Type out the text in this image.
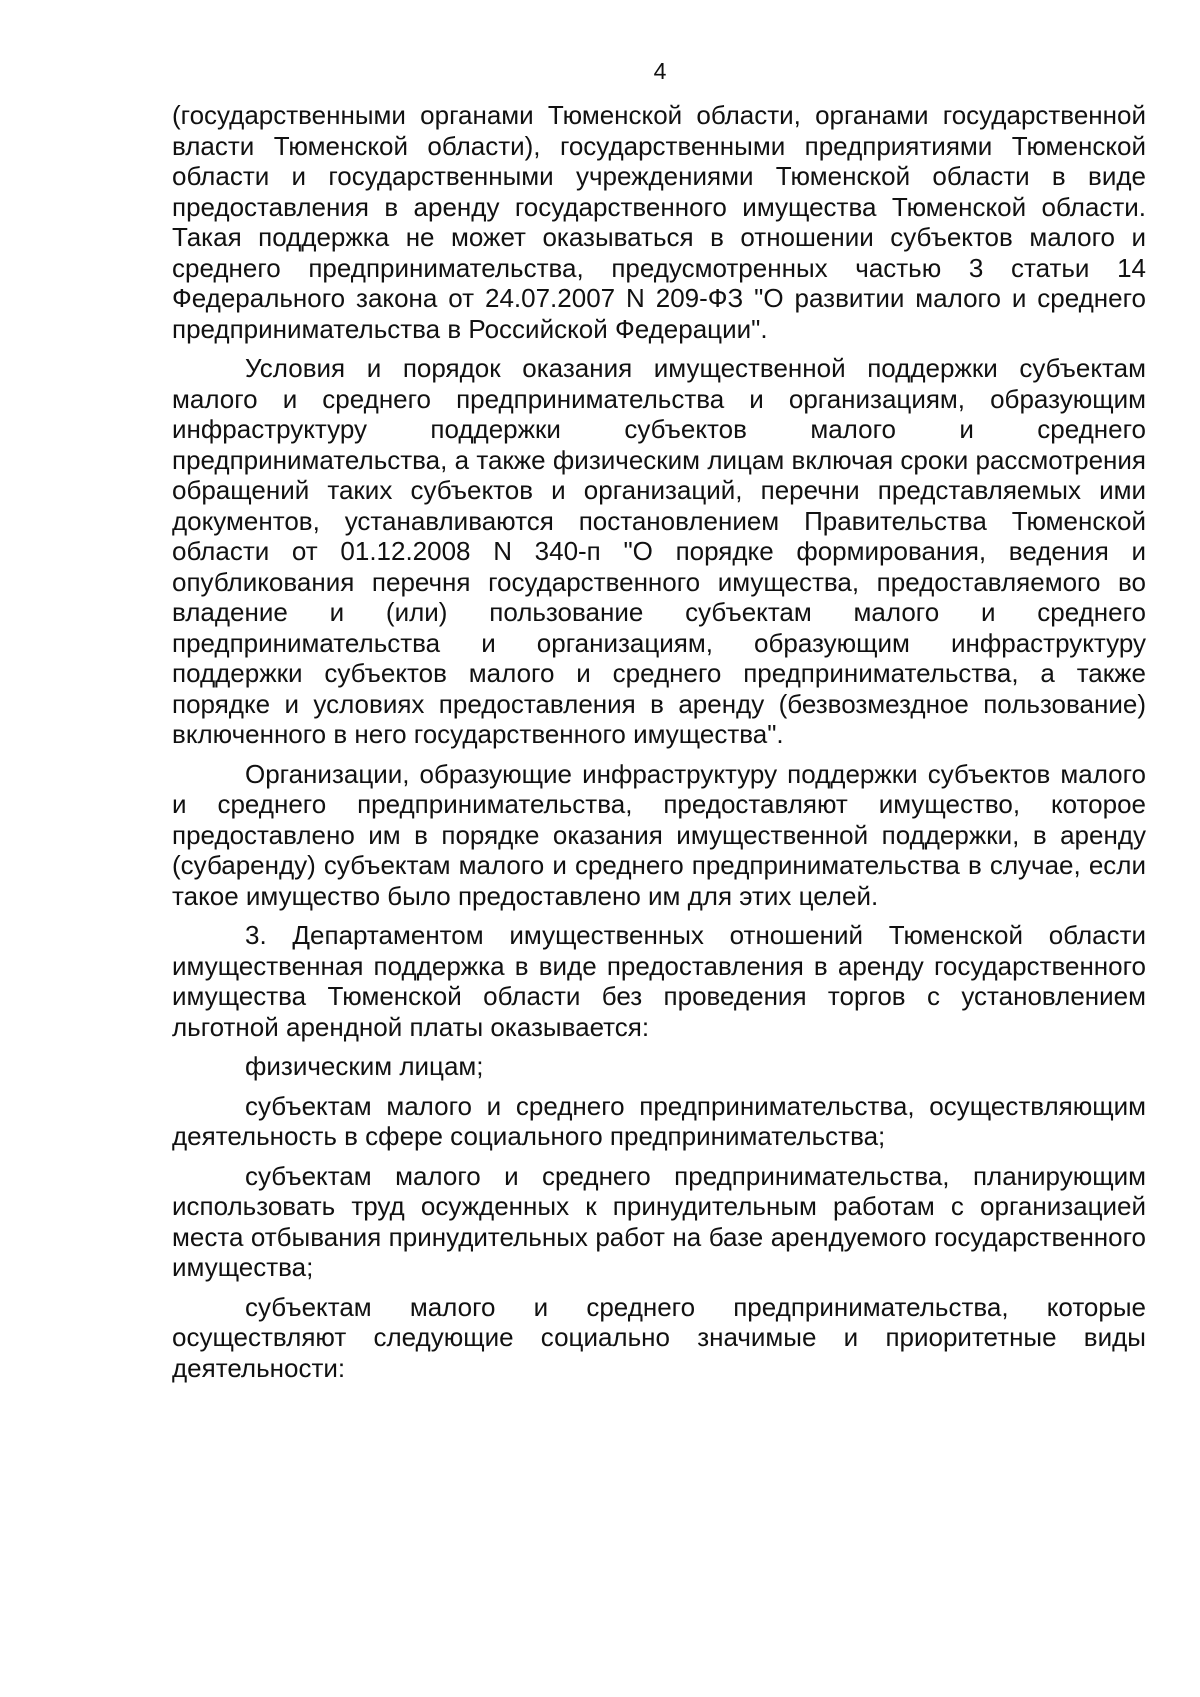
4

(государственными органами Тюменской области, органами государственной власти Тюменской области), государственными предприятиями Тюменской области и государственными учреждениями Тюменской области в виде предоставления в аренду государственного имущества Тюменской области. Такая поддержка не может оказываться в отношении субъектов малого и среднего предпринимательства, предусмотренных частью 3 статьи 14 Федерального закона от 24.07.2007 N 209-ФЗ "О развитии малого и среднего предпринимательства в Российской Федерации".

Условия и порядок оказания имущественной поддержки субъектам малого и среднего предпринимательства и организациям, образующим инфраструктуру поддержки субъектов малого и среднего предпринимательства, а также физическим лицам включая сроки рассмотрения обращений таких субъектов и организаций, перечни представляемых ими документов, устанавливаются постановлением Правительства Тюменской области от 01.12.2008 N 340-п "О порядке формирования, ведения и опубликования перечня государственного имущества, предоставляемого во владение и (или) пользование субъектам малого и среднего предпринимательства и организациям, образующим инфраструктуру поддержки субъектов малого и среднего предпринимательства, а также порядке и условиях предоставления в аренду (безвозмездное пользование) включенного в него государственного имущества".

Организации, образующие инфраструктуру поддержки субъектов малого и среднего предпринимательства, предоставляют имущество, которое предоставлено им в порядке оказания имущественной поддержки, в аренду (субаренду) субъектам малого и среднего предпринимательства в случае, если такое имущество было предоставлено им для этих целей.

3. Департаментом имущественных отношений Тюменской области имущественная поддержка в виде предоставления в аренду государственного имущества Тюменской области без проведения торгов с установлением льготной арендной платы оказывается:

физическим лицам;

субъектам малого и среднего предпринимательства, осуществляющим деятельность в сфере социального предпринимательства;

субъектам малого и среднего предпринимательства, планирующим использовать труд осужденных к принудительным работам с организацией места отбывания принудительных работ на базе арендуемого государственного имущества;

субъектам малого и среднего предпринимательства, которые осуществляют следующие социально значимые и приоритетные виды деятельности:
